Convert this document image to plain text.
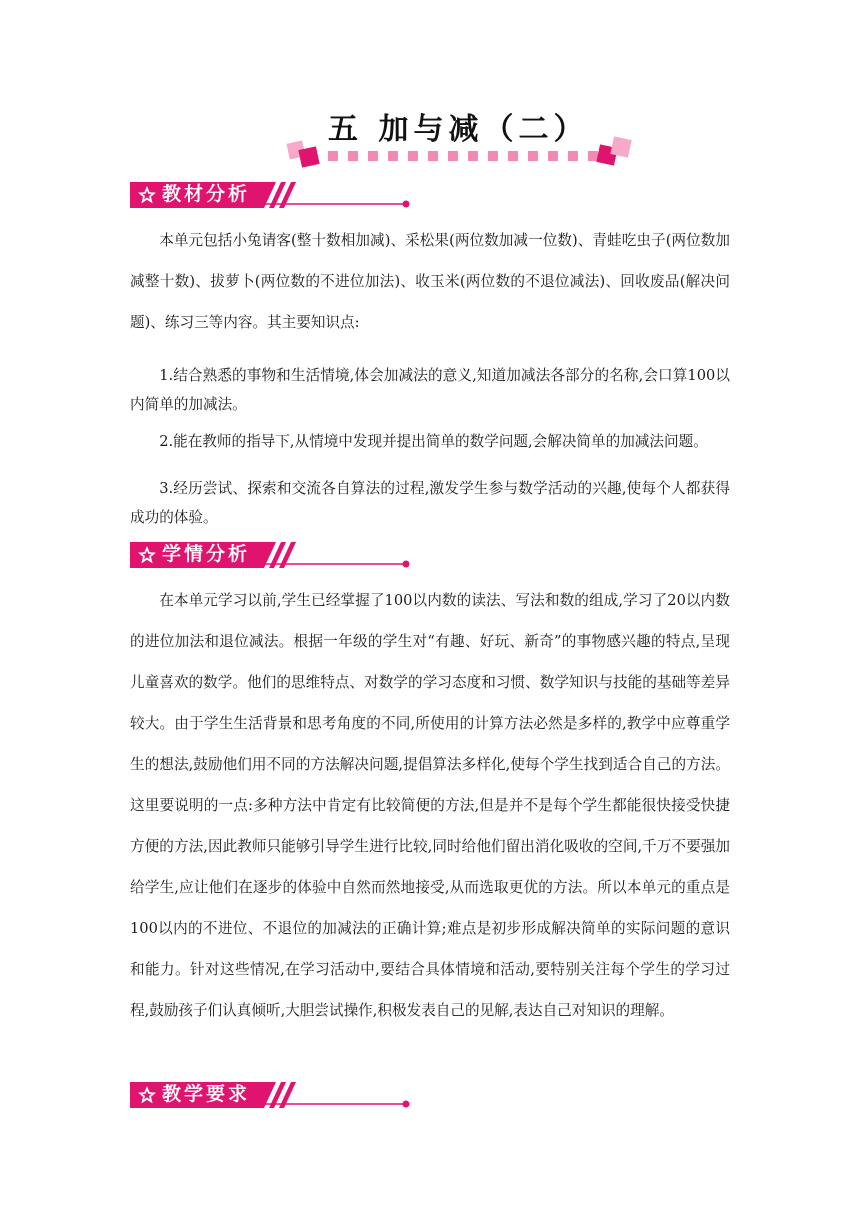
五 加与减（二）
教材分析

本单元包括小兔请客(整十数相加减)、采松果(两位数加减一位数)、青蛙吃虫子(两位数加减整十数)、拔萝卜(两位数的不进位加法)、收玉米(两位数的不退位减法)、回收废品(解决问题)、练习三等内容。其主要知识点:

1.结合熟悉的事物和生活情境,体会加减法的意义,知道加减法各部分的名称,会口算100以内简单的加减法。

2.能在教师的指导下,从情境中发现并提出简单的数学问题,会解决简单的加减法问题。

3.经历尝试、探索和交流各自算法的过程,激发学生参与数学活动的兴趣,使每个人都获得成功的体验。

学情分析

在本单元学习以前,学生已经掌握了100以内数的读法、写法和数的组成,学习了20以内数的进位加法和退位减法。根据一年级的学生对“有趣、好玩、新奇”的事物感兴趣的特点,呈现儿童喜欢的数学。他们的思维特点、对数学的学习态度和习惯、数学知识与技能的基础等差异较大。由于学生生活背景和思考角度的不同,所使用的计算方法必然是多样的,教学中应尊重学生的想法,鼓励他们用不同的方法解决问题,提倡算法多样化,使每个学生找到适合自己的方法。这里要说明的一点:多种方法中肯定有比较简便的方法,但是并不是每个学生都能很快接受快捷方便的方法,因此教师只能够引导学生进行比较,同时给他们留出消化吸收的空间,千万不要强加给学生,应让他们在逐步的体验中自然而然地接受,从而选取更优的方法。所以本单元的重点是100以内的不进位、不退位的加减法的正确计算;难点是初步形成解决简单的实际问题的意识和能力。针对这些情况,在学习活动中,要结合具体情境和活动,要特别关注每个学生的学习过程,鼓励孩子们认真倾听,大胆尝试操作,积极发表自己的见解,表达自己对知识的理解。

教学要求
